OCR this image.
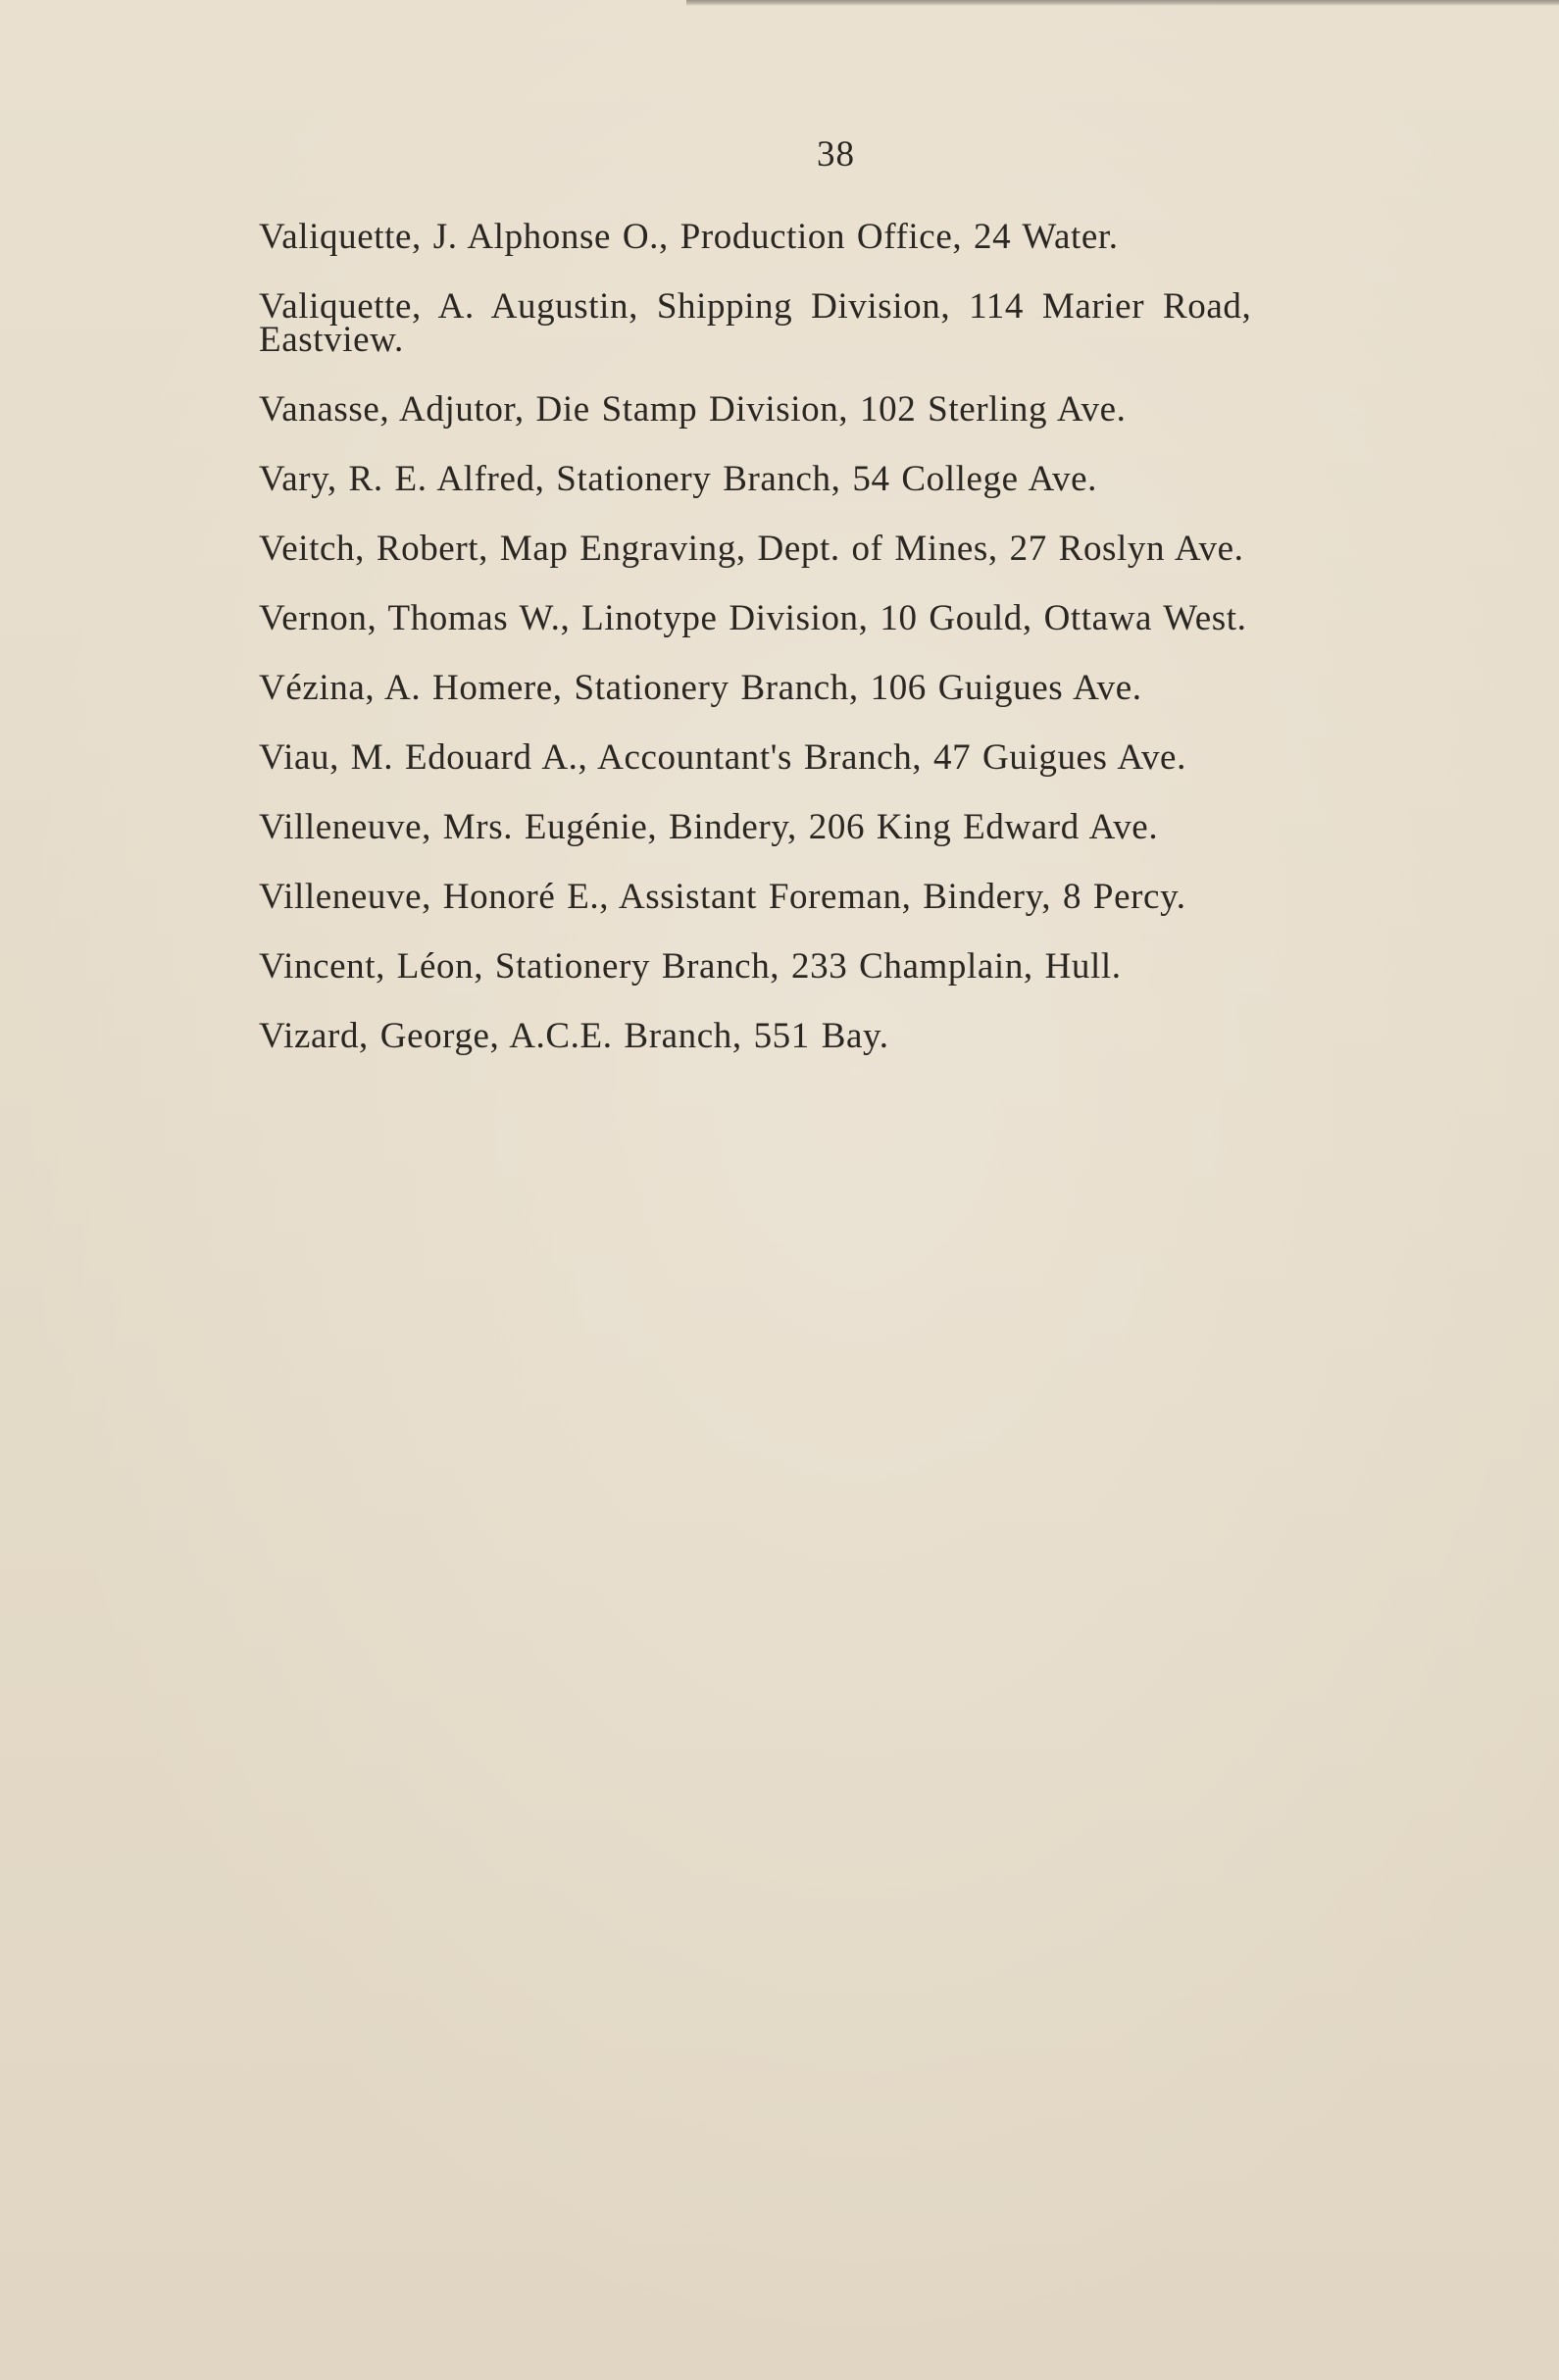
38
Valiquette, J. Alphonse O., Production Office, 24 Water.
Valiquette, A. Augustin, Shipping Division, 114 Marier Road,
Eastview.
Vanasse, Adjutor, Die Stamp Division, 102 Sterling Ave.
Vary, R. E. Alfred, Stationery Branch, 54 College Ave.
Veitch, Robert, Map Engraving, Dept. of Mines, 27 Roslyn Ave.
Vernon, Thomas W., Linotype Division, 10 Gould, Ottawa West.
Vézina, A. Homere, Stationery Branch, 106 Guigues Ave.
Viau, M. Edouard A., Accountant's Branch, 47 Guigues Ave.
Villeneuve, Mrs. Eugénie, Bindery, 206 King Edward Ave.
Villeneuve, Honoré E., Assistant Foreman, Bindery, 8 Percy.
Vincent, Léon, Stationery Branch, 233 Champlain, Hull.
Vizard, George, A.C.E. Branch, 551 Bay.
